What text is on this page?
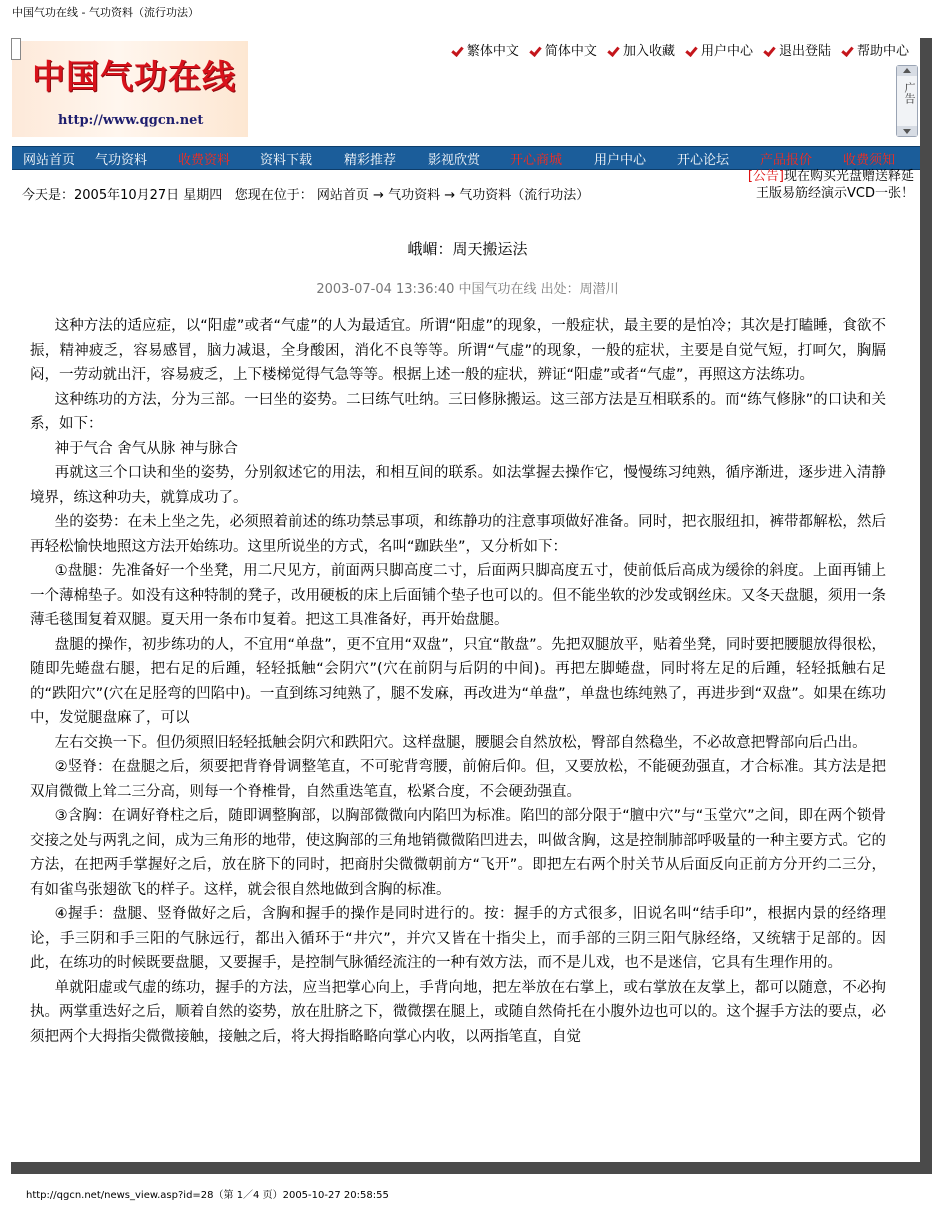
中国气功在线 - 气功资料（流行功法）
中国气功在线
http://www.qgcn.net
繁体中文 简体中文 加入收藏 用户中心 退出登陆 帮助中心
广告
网站首页 气功资料 收费资料 资料下载 精彩推荐 影视欣赏 开心商城 用户中心 开心论坛 产品报价 收费须知
今天是：2005年10月27日 星期四 您现在位于： 网站首页 → 气功资料 → 气功资料（流行功法）
[公告]现在购买光盘赠送释延王版易筋经演示VCD一张！
峨嵋：周天搬运法
2003-07-04 13:36:40 中国气功在线 出处：周潜川

这种方法的适应症，以“阳虚”或者“气虚”的人为最适宜。所谓“阳虚”的现象，一般症状，最主要的是怕冷；其次是打瞌睡，食欲不振，精神疲乏，容易感冒，脑力减退，全身酸困，消化不良等等。所谓“气虚”的现象，一般的症状，主要是自觉气短，打呵欠，胸膈闷，一劳动就出汗，容易疲乏，上下楼梯觉得气急等等。根据上述一般的症状，辨证“阳虚”或者“气虚”，再照这方法练功。

这种练功的方法，分为三部。一曰坐的姿势。二曰练气吐纳。三曰修脉搬运。这三部方法是互相联系的。而“练气修脉”的口诀和关系，如下：

神于气合 舍气从脉 神与脉合

再就这三个口诀和坐的姿势，分别叙述它的用法，和相互间的联系。如法掌握去操作它，慢慢练习纯熟，循序渐进，逐步进入清静境界，练这种功夫，就算成功了。

坐的姿势：在未上坐之先，必须照着前述的练功禁忌事项，和练静功的注意事项做好准备。同时，把衣服纽扣，裤带都解松，然后再轻松愉快地照这方法开始练功。这里所说坐的方式，名叫“跏趺坐”，又分析如下：

①盘腿：先准备好一个坐凳，用二尺见方，前面两只脚高度二寸，后面两只脚高度五寸，使前低后高成为缓徐的斜度。上面再铺上一个薄棉垫子。如没有这种特制的凳子，改用硬板的床上后面铺个垫子也可以的。但不能坐软的沙发或钢丝床。又冬天盘腿，须用一条薄毛毯围复着双腿。夏天用一条布巾复着。把这工具准备好，再开始盘腿。

盘腿的操作，初步练功的人，不宜用“单盘”，更不宜用“双盘”，只宜“散盘”。先把双腿放平，贴着坐凳，同时要把腰腿放得很松，随即先蜷盘右腿，把右足的后踵，轻轻抵触“会阴穴”(穴在前阴与后阴的中间)。再把左脚蜷盘，同时将左足的后踵，轻轻抵触右足的“跌阳穴”(穴在足胫弯的凹陷中)。一直到练习纯熟了，腿不发麻，再改进为“单盘”，单盘也练纯熟了，再进步到“双盘”。如果在练功中，发觉腿盘麻了，可以

左右交换一下。但仍须照旧轻轻抵触会阴穴和跌阳穴。这样盘腿，腰腿会自然放松，臀部自然稳坐，不必故意把臀部向后凸出。

②竖脊：在盘腿之后，须要把背脊骨调整笔直，不可驼背弯腰，前俯后仰。但，又要放松，不能硬劲强直，才合标准。其方法是把双肩微微上耸二三分高，则每一个脊椎骨，自然重迭笔直，松紧合度，不会硬劲强直。

③含胸：在调好脊柱之后，随即调整胸部，以胸部微微向内陷凹为标准。陷凹的部分限于“膻中穴”与“玉堂穴”之间，即在两个锁骨交接之处与两乳之间，成为三角形的地带，使这胸部的三角地销微微陷凹进去，叫做含胸，这是控制肺部呼吸量的一种主要方式。它的方法，在把两手掌握好之后，放在脐下的同时，把商肘尖微微朝前方“飞开”。即把左右两个肘关节从后面反向正前方分开约二三分，有如雀鸟张翅欲飞的样子。这样，就会很自然地做到含胸的标准。

④握手：盘腿、竖脊做好之后，含胸和握手的操作是同时进行的。按：握手的方式很多，旧说名叫“结手印”，根据内景的经络理论，手三阴和手三阳的气脉远行，都出入循环于“井穴”，并穴又皆在十指尖上，而手部的三阴三阳气脉经络，又统辖于足部的。因此，在练功的时候既要盘腿，又要握手，是控制气脉循经流注的一种有效方法，而不是儿戏，也不是迷信，它具有生理作用的。

单就阳虚或气虚的练功，握手的方法，应当把掌心向上，手背向地，把左举放在右掌上，或右掌放在友掌上，都可以随意，不必拘执。两掌重迭好之后，顺着自然的姿势，放在肚脐之下，微微摆在腿上，或随自然倚托在小腹外边也可以的。这个握手方法的要点，必须把两个大拇指尖微微接触，接触之后，将大拇指略略向掌心内收，以两指笔直，自觉

http://qgcn.net/news_view.asp?id=28（第 1／4 页）2005-10-27 20:58:55
